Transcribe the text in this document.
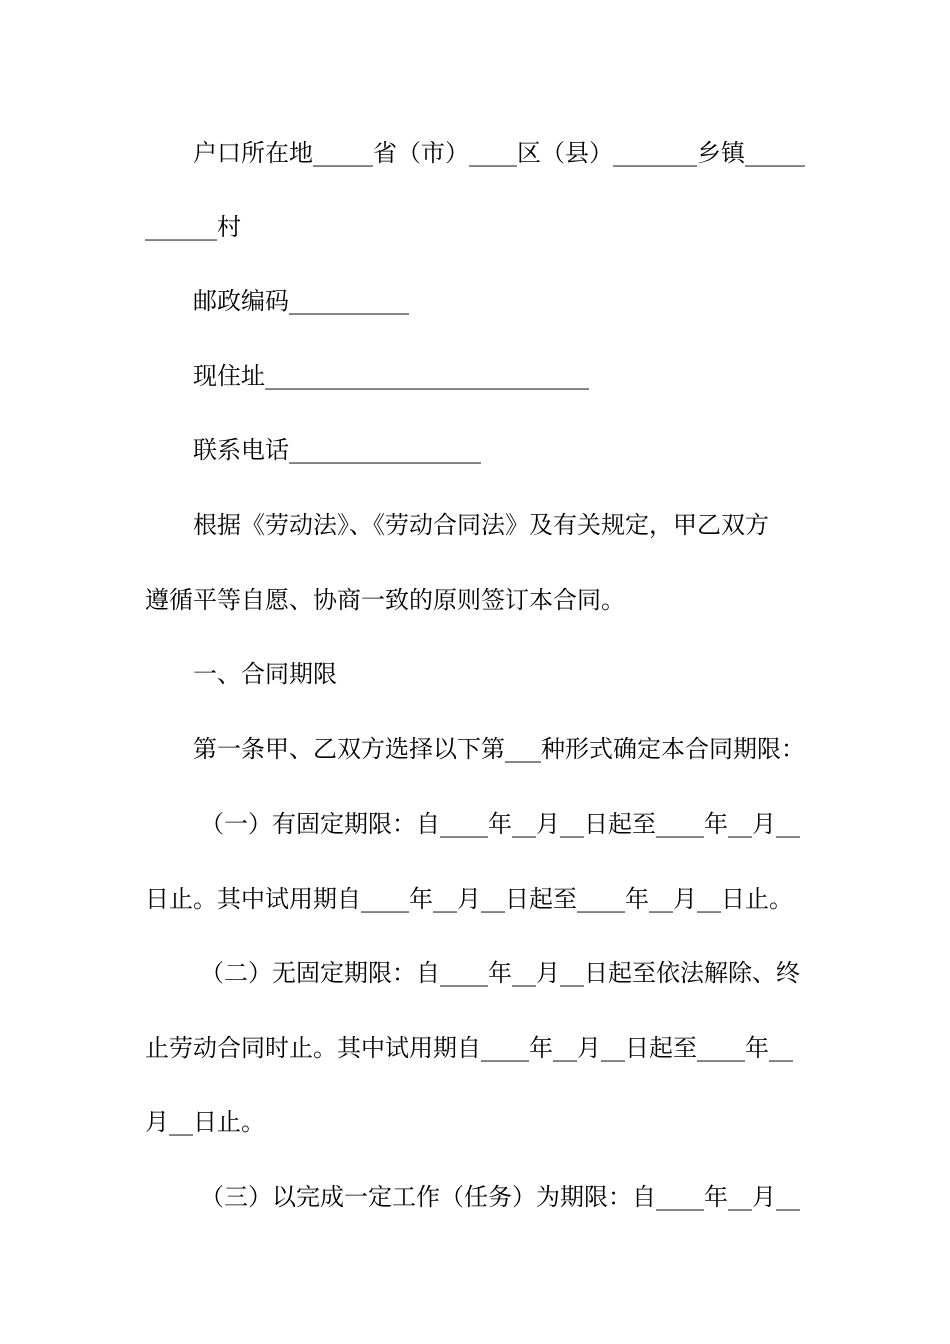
户口所在地_____省（市）____区（县）_______乡镇_____
______村
邮政编码__________
现住址___________________________
联系电话________________
根据《劳动法》、《劳动合同法》及有关规定，甲乙双方
遵循平等自愿、协商一致的原则签订本合同。
一、合同期限
第一条甲、乙双方选择以下第___种形式确定本合同期限：
（一）有固定期限：自____年__月__日起至____年__月__
日止。其中试用期自____年__月__日起至____年__月__日止。
（二）无固定期限：自____年__月__日起至依法解除、终
止劳动合同时止。其中试用期自____年__月__日起至____年__
月__日止。
（三）以完成一定工作（任务）为期限：自____年__月__
